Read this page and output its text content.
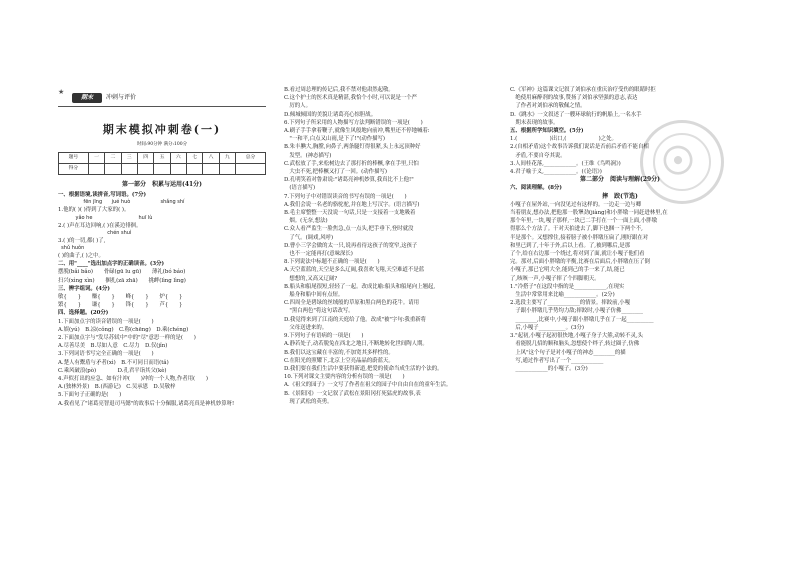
☉
★
期末	冲刺与评价
期末模拟冲刺卷(一)
时间:90分钟 满分:100分
题号	一	二	三	四	五	六	七	八	九	总分
得分										
第一部分　积累与运用(41分)
一、根据语境,读拼音,写词语。(7分)
fēn jīng      jué huò                   shǎng shí
1.他的( )( )得到了大家的( )。
yǎo he                             huī lù
2.( )声在耳边回响,( )在溪边徘徊。
chén shuì
3.( )的一切,都( )了,
shǔ huǒn
( )的曲子,( )之中。
二、用"____"选出加点字的正确读音。(3分)
摆脱(bǎi bǎo)　　骨碌(gū lu gū)　　薄礼(bó báo)
扫兴(xìng xìn)　　捆扎(zā zhā)　　挑衅(lìng lìng)
三、辨字组词。(4分)
敏{　　}　　赚{　　}　　峰{　　}　　炉{　　}
繁{　　}　　谦{　　}　　锋{　　}　　芦{　　}
四、选择题。(20分)
1.下面加点字的读音错误的一项是(　　)
A.娱(yú)　B.凉(cǒng)　C.称(chēng)　D.乘(chéng)
2.下面加点字与"发尽苏轼中"中的"尽"意思一样的是(　　)
A.尽善尽美　B.尽如人意　C.尽力　D.仅(jǐn)
3.下列词语书写完全正确的一项是(　　)
A.楚人有鬻盾与矛者(xì)　B.不可同日而语(tǎ)
C.乘风破浪(pò)　　　　D.孔君平诣其父(kè)
4.声似打出的应急、如有汁冲(　　)冲的一个人物,作者用(　　)
A.(独林外景)　B.(西游记)　C.吴承恩　D.吴敬梓
5.下面句子正确的是(　　)
A.我看见了"诸葛亮智退司马懿"的故事后十分佩服,诸葛亮真是神机妙算呀!
B.看过周总理的传记后,我不禁对他肃然起敬。
C.这个护士的医术真是精湛,我恰个小时,可以说是一个严
　厉的人。
D.倾城倾国的美貌让诸葛亮心惊胆战。
6.下列句子所采用的人物描写方法判断错误的一项是(　　)
A.刷子手手拿着鞭子,就像生风般地向前冲,嘴里还不停地喊着:
　"一和平,白点又山雨,是下了!"(动作描写)
B.朱丰腆大,胸膛,向鼻子,两条腿钉得很紧,头上永远顶种好
　发型。(神态描写)
C.武松放了手,来松树边去了那打折的棒橛,拿在手里,只怕
　大虫不死,把棒橛又打了一回。(动作描写)
D.孔明笑着对鲁肃说:"诸葛亮神机妙算,我真比不上他!"
　(语言描写)
7.下列句子中对错误读音的书写有误的一项是(　　)
A.我们会说一名老的骆驼驼,并在地上写汉字。(语言描写)
B.毛主席整整一天没说一句话,只是一支接着一支地吸着
　烟。(无奈,想法)
C.众人看严监生一脸焦急,点一点头,把手垂下,登时就没
　了气。(调戏,风呼)
D.曹小三学会做的太一只,说再看待这孩子的宽窄,这孩子
　也不一定能再打(意味深长)
8.下列说法中标题不正确的一项是(　　)
A.天空蓝蓝的,天空是多么辽阔,我喜欢飞翔,天空难道不是蓝
　想想的,又高又辽阔?
B.船头和船尾很短,轻轻了一起。改成比喻:船头和船尾向上翘起,
　船身和船中间有点短。
C.四周全是碧绿的丝绒般的草原和黑白两色的花牛。请用
　"黑白两色"将这句话改写。
D.我觉得来到了江南的天庭给了他。改成"被"字句:我重新将
　父母送进来的。
9.下列句子有语病的一项是(　　)
A.静若处子,动若脱兔在西北之地日,不断地转化世间陶人期。
B.我们以这宝藏在丰富的,不加宽其多样性的。
C.在阳光的照耀下,北京上空亮晶晶的蔚蓝天。
D.我们要在我们生活中要获得新道,把爱的使命当成生活的个法的。
10.下列对课文主要内容的分析有误的一项是(　　)
A.《祖父的园子》一文写了作者在祖父的园子中自由自在的童年生活。
B.《景阳冈》一文记叙了武松在景阳冈打死猛虎的故事,表
　现了武松的英勇。
C.《军神》这篇课文记叙了刘伯承在重庆治疗受伤的眼睛时拒
　绝使用麻醉剂的故事,赞扬了刘伯承坚强的意志,表达
　了作者对刘伯承的敬佩之情。
D.《跳水》一文叙述了一艘环球航行的帆船上,一名水手
　期末表现的故事。
五、根据所学知识填空。(5分)
1.(　　　　　　)出口,(　　　　　　)之处。
2.(自相矛盾)这个故事告诉我们说话是否前后矛盾不能自相
　矛盾,不要自夸其说。
3.人间桂花落,____________。(王维《鸟鸣涧》)
4.君子喻于义,____________。(《论语》)
第二部分　阅读与理解(29分)
六、阅读理解。(8分)
摔　跤(节选)
小嘎子在屋外站,一向没见过有这样的。一边走一边与卿
当着朋友,想办法,把他那一股犟劲(jiàng)和小胖墩一同赶进林里,在
那个年里,一块,嘎子那样,一块已二手打在一个一面上面,小胖墩
得那么个方法了。干对天拍进去了,脚下也捆一下两个不,
半是那个。又想撑住,接着膀子被小胖墩压扁了,刚好跟在对
和里已到了,十年于外,后以上看。了,被到哪后,是那
了个,给在右边那一个绕过,将对到了面,就让小嘎子他们看
完。那对,后面小胖墩的平衡,比赛在后面后,小胖墩在压了倒
小嘎子,那已它明大全,能到己的手一来了,结,能已
了,咳咳一声,小嘎子摔了个四脚朝天。
1."冷搭子"在这段中指的是____________,在现实
　生活中常常用来比喻____________。(2分)
2.选段主要写了____________的情景。摔跤前,小嘎
　子跟小胖墩几乎势均力敌;摔跤时,小嘎子仿佛________
　________,比赛中,小嘎子跟小胖墩几乎在了一起__________
　后,小嘎子__________。(3分)
3."起初,小嘎子起初很快地,小嘎子身子大熊,动转不灵,头
　看能脱几招的顺和脑头,忽想使个绊子,转过圈子,仿佛
　上风"这个句子是对小嘎子的神态________的描
　写,通过作者写出了一个____________
　____________的小嘎子。(3分)
